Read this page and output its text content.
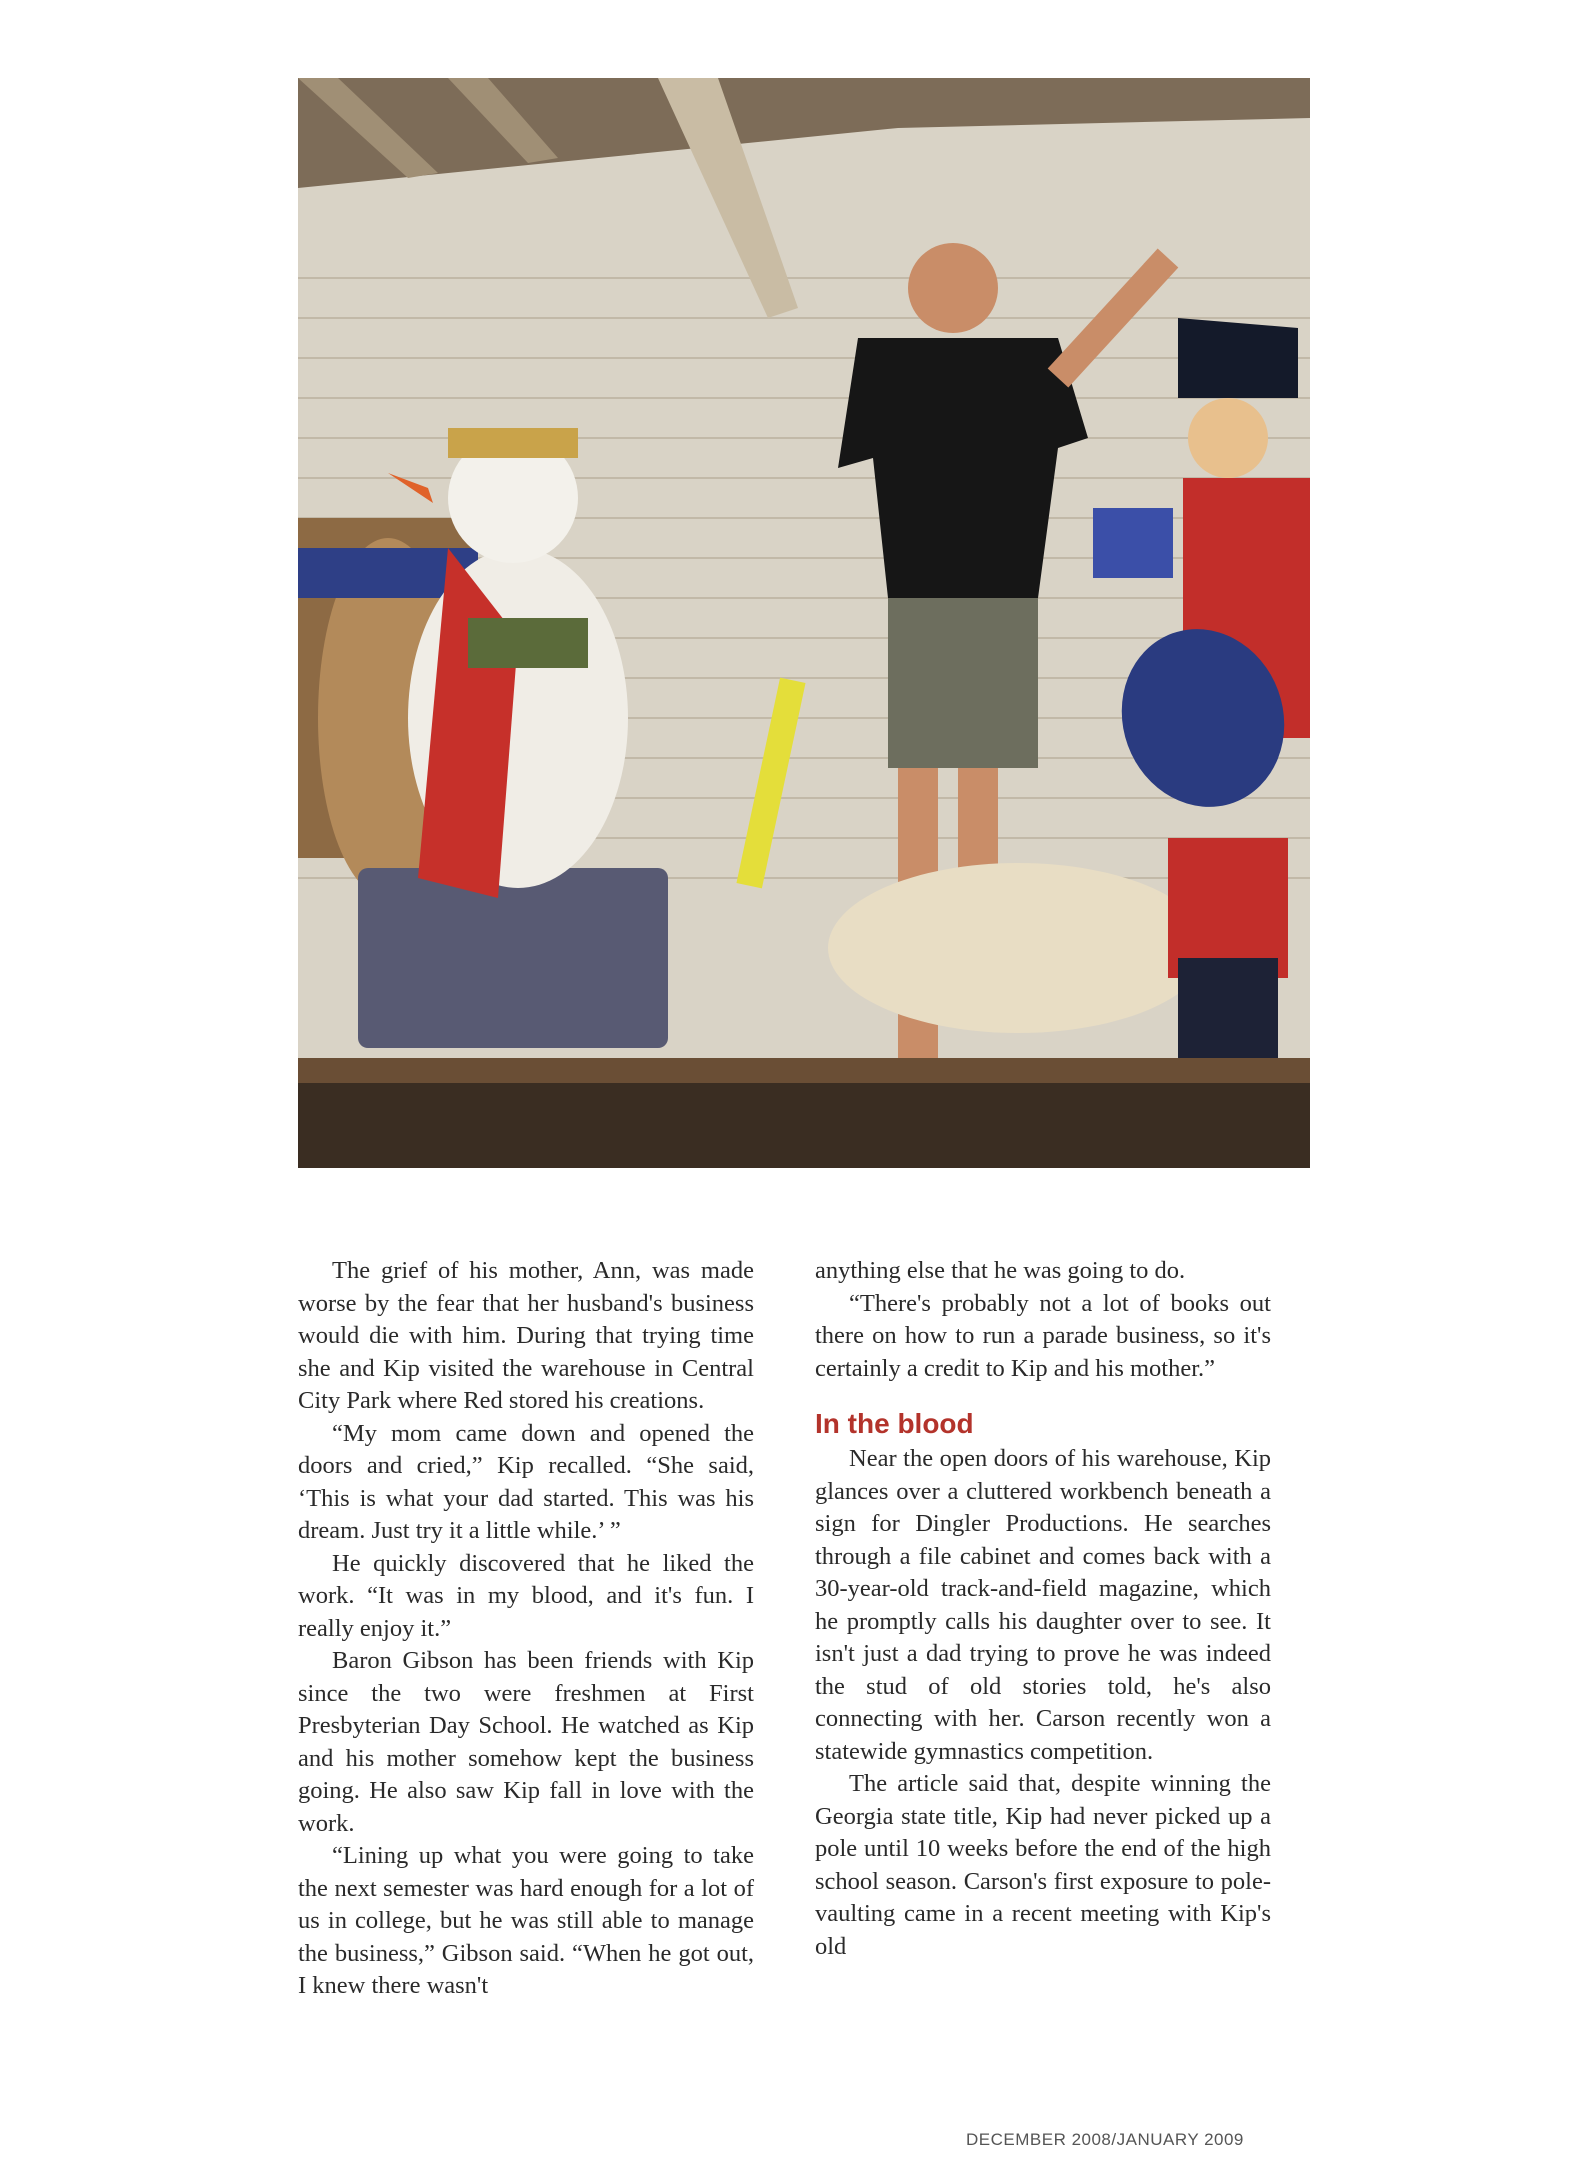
The grief of his mother, Ann, was made worse by the fear that her husband's business would die with him. During that trying time she and Kip visited the warehouse in Central City Park where Red stored his creations.

“My mom came down and opened the doors and cried,” Kip recalled. “She said, ‘This is what your dad started. This was his dream. Just try it a little while.’ ”

He quickly discovered that he liked the work. “It was in my blood, and it's fun. I really enjoy it.”

Baron Gibson has been friends with Kip since the two were freshmen at First Presbyterian Day School. He watched as Kip and his mother somehow kept the business going. He also saw Kip fall in love with the work.

“Lining up what you were going to take the next semester was hard enough for a lot of us in college, but he was still able to manage the business,” Gibson said. “When he got out, I knew there wasn't

anything else that he was going to do.

“There's probably not a lot of books out there on how to run a parade business, so it's certainly a credit to Kip and his mother.”

In the blood

Near the open doors of his warehouse, Kip glances over a cluttered workbench beneath a sign for Dingler Productions. He searches through a file cabinet and comes back with a 30-year-old track-and-field magazine, which he promptly calls his daughter over to see. It isn't just a dad trying to prove he was indeed the stud of old stories told, he's also connecting with her. Carson recently won a statewide gymnastics competition.

The article said that, despite winning the Georgia state title, Kip had never picked up a pole until 10 weeks before the end of the high school season. Carson's first exposure to pole-vaulting came in a recent meeting with Kip's old

DECEMBER 2008/JANUARY 2009
